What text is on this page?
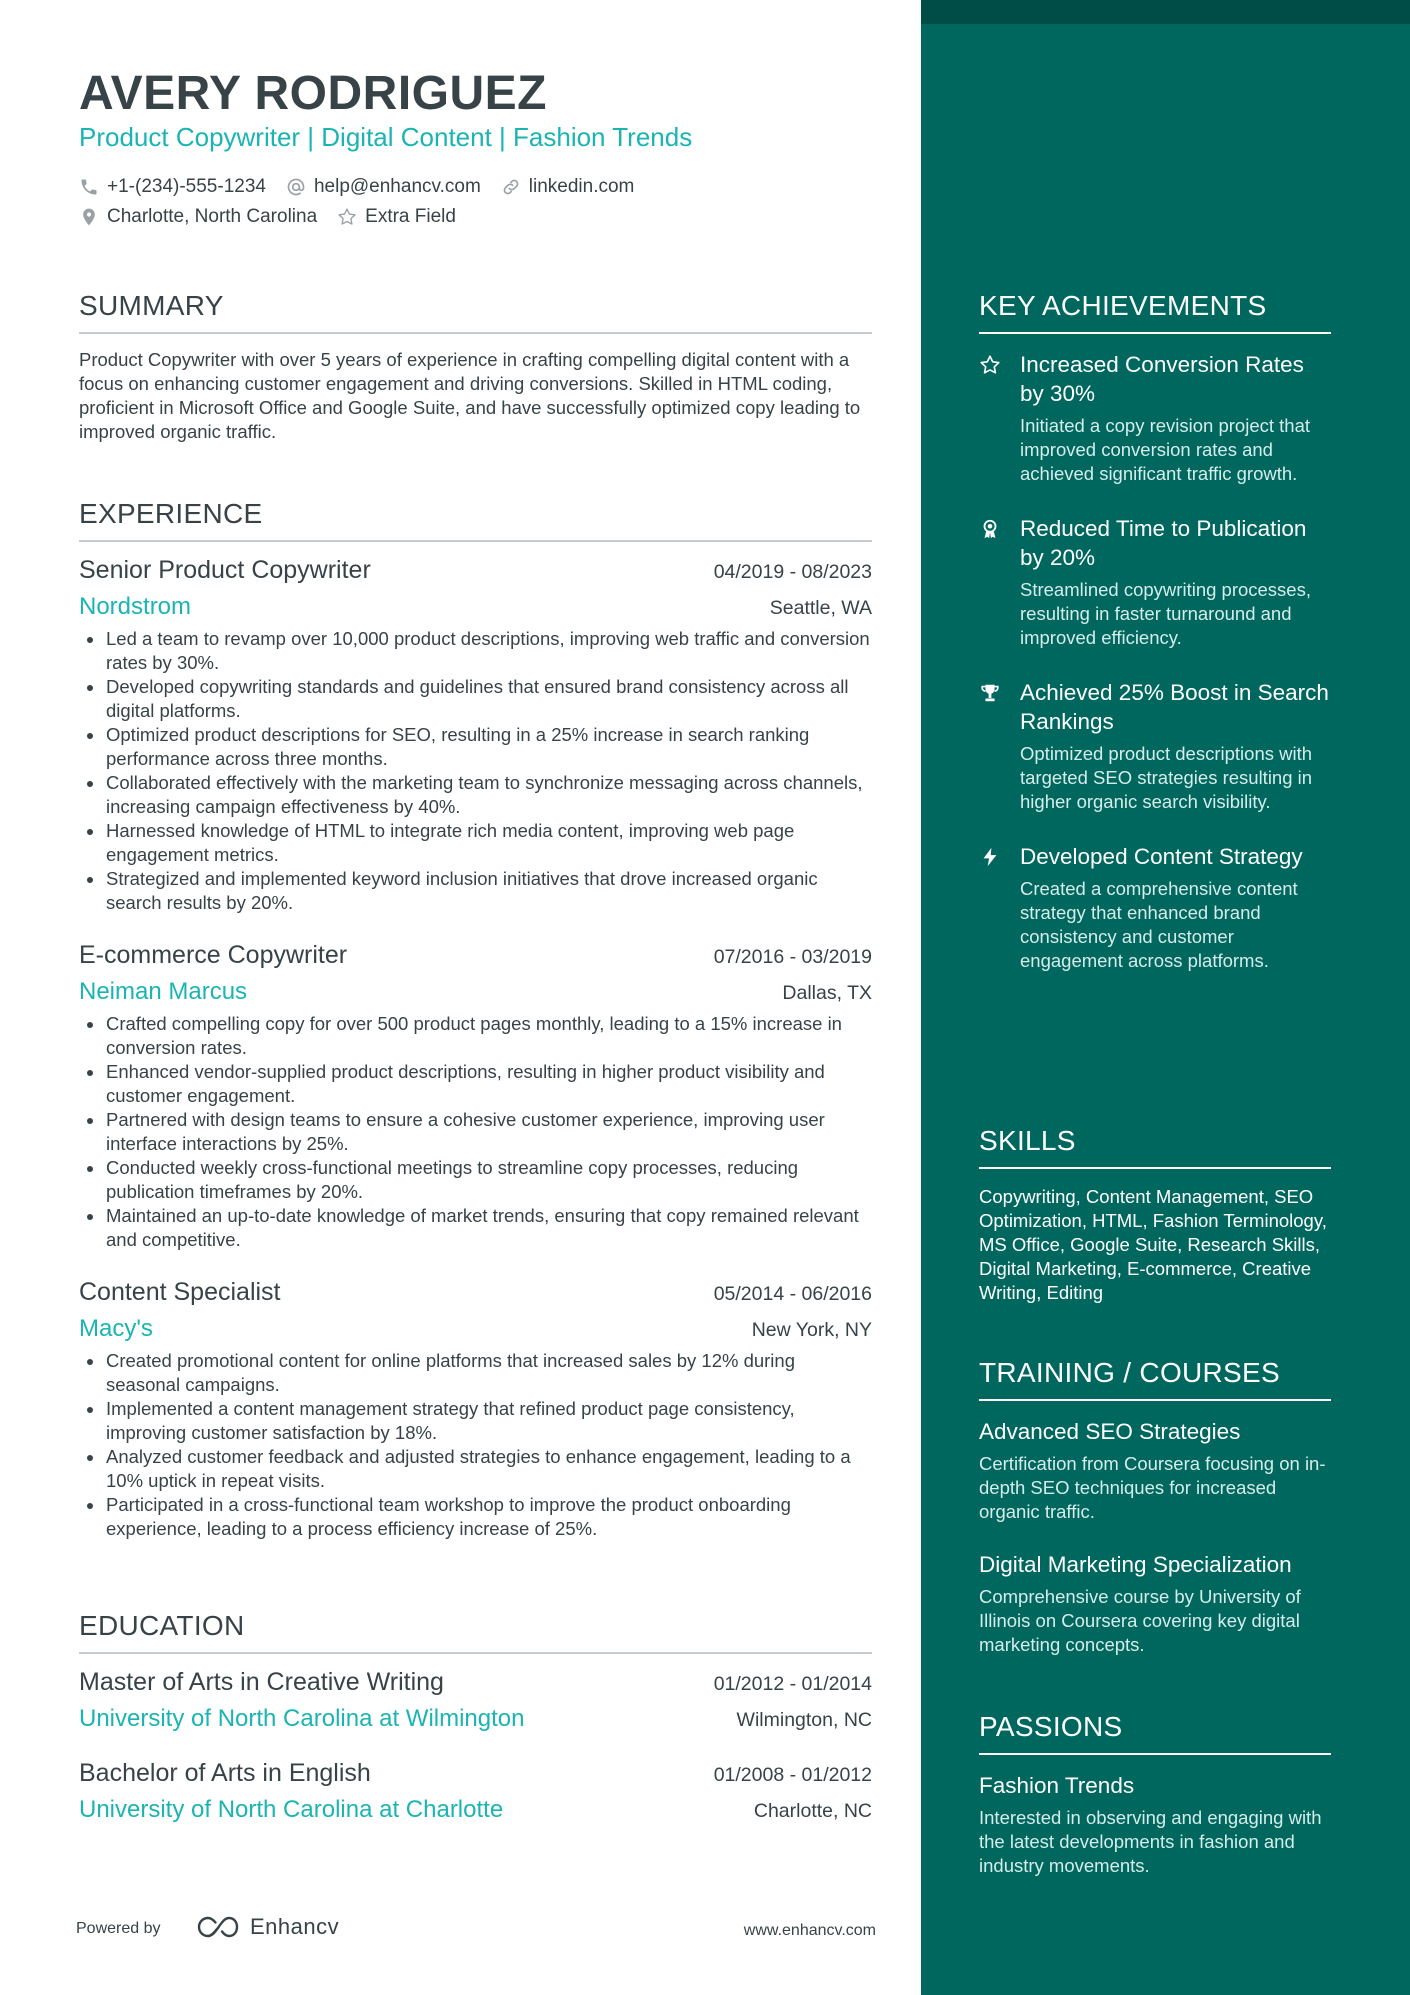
AVERY RODRIGUEZ
Product Copywriter | Digital Content | Fashion Trends
+1-(234)-555-1234	help@enhancv.com	linkedin.com
Charlotte, North Carolina	Extra Field
SUMMARY
Product Copywriter with over 5 years of experience in crafting compelling digital content with a focus on enhancing customer engagement and driving conversions. Skilled in HTML coding, proficient in Microsoft Office and Google Suite, and have successfully optimized copy leading to improved organic traffic.
EXPERIENCE
Senior Product Copywriter	04/2019 - 08/2023
Nordstrom	Seattle, WA
Led a team to revamp over 10,000 product descriptions, improving web traffic and conversion rates by 30%.
Developed copywriting standards and guidelines that ensured brand consistency across all digital platforms.
Optimized product descriptions for SEO, resulting in a 25% increase in search ranking performance across three months.
Collaborated effectively with the marketing team to synchronize messaging across channels, increasing campaign effectiveness by 40%.
Harnessed knowledge of HTML to integrate rich media content, improving web page engagement metrics.
Strategized and implemented keyword inclusion initiatives that drove increased organic search results by 20%.
E-commerce Copywriter	07/2016 - 03/2019
Neiman Marcus	Dallas, TX
Crafted compelling copy for over 500 product pages monthly, leading to a 15% increase in conversion rates.
Enhanced vendor-supplied product descriptions, resulting in higher product visibility and customer engagement.
Partnered with design teams to ensure a cohesive customer experience, improving user interface interactions by 25%.
Conducted weekly cross-functional meetings to streamline copy processes, reducing publication timeframes by 20%.
Maintained an up-to-date knowledge of market trends, ensuring that copy remained relevant and competitive.
Content Specialist	05/2014 - 06/2016
Macy's	New York, NY
Created promotional content for online platforms that increased sales by 12% during seasonal campaigns.
Implemented a content management strategy that refined product page consistency, improving customer satisfaction by 18%.
Analyzed customer feedback and adjusted strategies to enhance engagement, leading to a 10% uptick in repeat visits.
Participated in a cross-functional team workshop to improve the product onboarding experience, leading to a process efficiency increase of 25%.
EDUCATION
Master of Arts in Creative Writing	01/2012 - 01/2014
University of North Carolina at Wilmington	Wilmington, NC
Bachelor of Arts in English	01/2008 - 01/2012
University of North Carolina at Charlotte	Charlotte, NC
Powered by	Enhancv	www.enhancv.com
KEY ACHIEVEMENTS
Increased Conversion Rates by 30%
Initiated a copy revision project that improved conversion rates and achieved significant traffic growth.
Reduced Time to Publication by 20%
Streamlined copywriting processes, resulting in faster turnaround and improved efficiency.
Achieved 25% Boost in Search Rankings
Optimized product descriptions with targeted SEO strategies resulting in higher organic search visibility.
Developed Content Strategy
Created a comprehensive content strategy that enhanced brand consistency and customer engagement across platforms.
SKILLS
Copywriting, Content Management, SEO Optimization, HTML, Fashion Terminology, MS Office, Google Suite, Research Skills, Digital Marketing, E-commerce, Creative Writing, Editing
TRAINING / COURSES
Advanced SEO Strategies
Certification from Coursera focusing on in-depth SEO techniques for increased organic traffic.
Digital Marketing Specialization
Comprehensive course by University of Illinois on Coursera covering key digital marketing concepts.
PASSIONS
Fashion Trends
Interested in observing and engaging with the latest developments in fashion and industry movements.
